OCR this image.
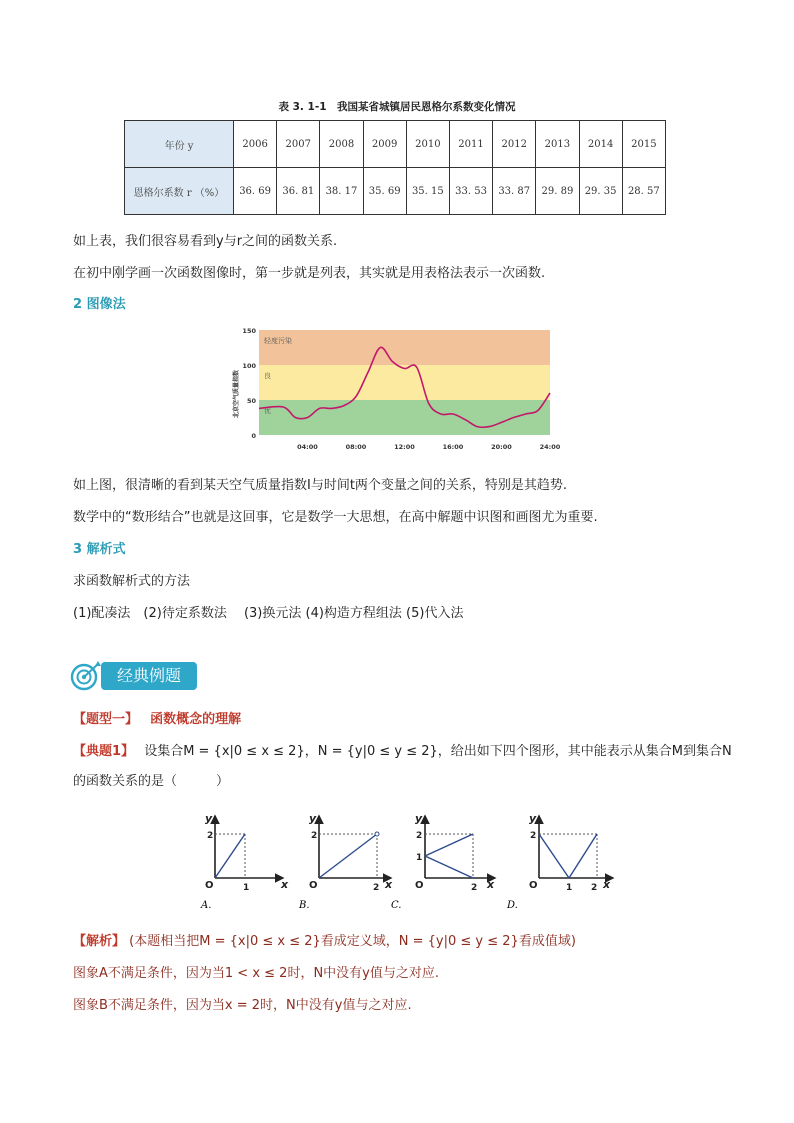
表 3. 1-1　我国某省城镇居民恩格尔系数变化情况
年份 y	2006	2007	2008	2009	2010	2011	2012	2013	2014	2015
恩格尔系数 r （%）	36. 69	36. 81	38. 17	35. 69	35. 15	33. 53	33. 87	29. 89	29. 35	28. 57
如上表，我们很容易看到y与r之间的函数关系.
在初中刚学画一次函数图像时，第一步就是列表，其实就是用表格法表示一次函数.
2 图像法
北京空气质量指数	优
良
轻度污染
150
100
50
0
04:00	08:00	12:00	16:00	20:00	24:00
如上图，很清晰的看到某天空气质量指数I与时间t两个变量之间的关系，特别是其趋势.
数学中的“数形结合”也就是这回事，它是数学一大思想，在高中解题中识图和画图尤为重要.
3 解析式
求函数解析式的方法
(1)配凑法　(2)待定系数法　 (3)换元法 (4)构造方程组法 (5)代入法
经典例题
【题型一】 函数概念的理解
【典题1】 设集合M = {x|0 ≤ x ≤ 2}，N = {y|0 ≤ y ≤ 2}，给出如下四个图形，其中能表示从集合M到集合N
的函数关系的是（　　　）
2
1
O	x
y
A.
2
2
O	x
y
B.
2
1
2
O	x
y
C.
2
1 2
O	x
y
D.
【解析】 (本题相当把M = {x|0 ≤ x ≤ 2}看成定义域，N = {y|0 ≤ y ≤ 2}看成值域)
图象A不满足条件，因为当1 < x ≤ 2时，N中没有y值与之对应.
图象B不满足条件，因为当x = 2时，N中没有y值与之对应.
